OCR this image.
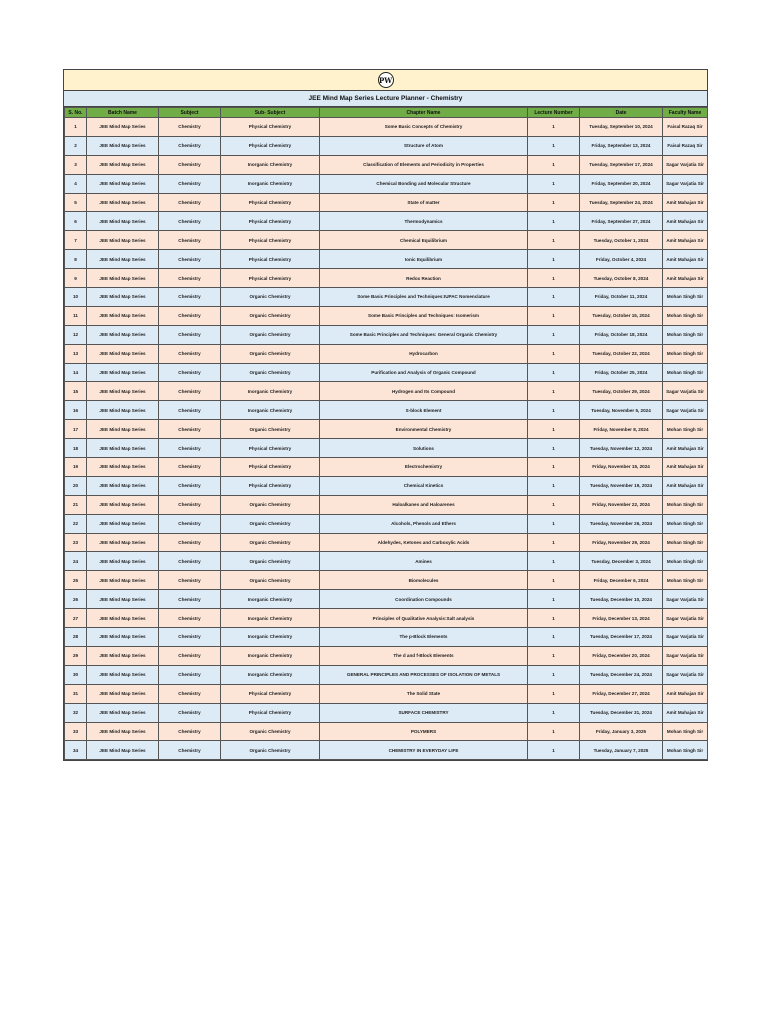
PW
JEE Mind Map Series Lecture Planner - Chemistry
S. No.	Batch Name	Subject	Sub- Subject	Chapter Name	Lecture Number	Date	Faculty Name
1	JEE Mind Map Series	Chemistry	Physical Chemistry	Some Basic Concepts of Chemistry	1	Tuesday, September 10, 2024	Faisal Razaq Sir
2	JEE Mind Map Series	Chemistry	Physical Chemistry	Structure of Atom	1	Friday, September 13, 2024	Faisal Razaq Sir
3	JEE Mind Map Series	Chemistry	Inorganic Chemistry	Classification of Elements and Periodicity in Properties	1	Tuesday, September 17, 2024	Sagar Varjatia Sir
4	JEE Mind Map Series	Chemistry	Inorganic Chemistry	Chemical Bonding and Molecular Structure	1	Friday, September 20, 2024	Sagar Varjatia Sir
5	JEE Mind Map Series	Chemistry	Physical Chemistry	State of matter	1	Tuesday, September 24, 2024	Amit Mahajan Sir
6	JEE Mind Map Series	Chemistry	Physical Chemistry	Thermodynamics	1	Friday, September 27, 2024	Amit Mahajan Sir
7	JEE Mind Map Series	Chemistry	Physical Chemistry	Chemical Equilibrium	1	Tuesday, October 1, 2024	Amit Mahajan Sir
8	JEE Mind Map Series	Chemistry	Physical Chemistry	Ionic Equilibrium	1	Friday, October 4, 2024	Amit Mahajan Sir
9	JEE Mind Map Series	Chemistry	Physical Chemistry	Redox Reaction	1	Tuesday, October 8, 2024	Amit Mahajan Sir
10	JEE Mind Map Series	Chemistry	Organic Chemistry	Some Basic Principles and Techniques:IUPAC Nomenclature	1	Friday, October 11, 2024	Mohan Singh Sir
11	JEE Mind Map Series	Chemistry	Organic Chemistry	Some Basic Principles and Techniques: Isomerism	1	Tuesday, October 15, 2024	Mohan Singh Sir
12	JEE Mind Map Series	Chemistry	Organic Chemistry	Some Basic Principles and Techniques: General Organic Chemistry	1	Friday, October 18, 2024	Mohan Singh Sir
13	JEE Mind Map Series	Chemistry	Organic Chemistry	Hydrocarbon	1	Tuesday, October 22, 2024	Mohan Singh Sir
14	JEE Mind Map Series	Chemistry	Organic Chemistry	Purification and Analysis of Organic Compound	1	Friday, October 25, 2024	Mohan Singh Sir
15	JEE Mind Map Series	Chemistry	Inorganic Chemistry	Hydrogen and Its Compound	1	Tuesday, October 29, 2024	Sagar Varjatia Sir
16	JEE Mind Map Series	Chemistry	Inorganic Chemistry	S-block Element	1	Tuesday, November 5, 2024	Sagar Varjatia Sir
17	JEE Mind Map Series	Chemistry	Organic Chemistry	Environmental Chemistry	1	Friday, November 8, 2024	Mohan Singh Sir
18	JEE Mind Map Series	Chemistry	Physical Chemistry	Solutions	1	Tuesday, November 12, 2024	Amit Mahajan Sir
19	JEE Mind Map Series	Chemistry	Physical Chemistry	Electrochemistry	1	Friday, November 15, 2024	Amit Mahajan Sir
20	JEE Mind Map Series	Chemistry	Physical Chemistry	Chemical Kinetics	1	Tuesday, November 19, 2024	Amit Mahajan Sir
21	JEE Mind Map Series	Chemistry	Organic Chemistry	Haloalkanes and Haloarenes	1	Friday, November 22, 2024	Mohan Singh Sir
22	JEE Mind Map Series	Chemistry	Organic Chemistry	Alcohols, Phenols and Ethers	1	Tuesday, November 26, 2024	Mohan Singh Sir
23	JEE Mind Map Series	Chemistry	Organic Chemistry	Aldehydes, Ketones and Carboxylic Acids	1	Friday, November 29, 2024	Mohan Singh Sir
24	JEE Mind Map Series	Chemistry	Organic Chemistry	Amines	1	Tuesday, December 3, 2024	Mohan Singh Sir
25	JEE Mind Map Series	Chemistry	Organic Chemistry	Biomolecules	1	Friday, December 6, 2024	Mohan Singh Sir
26	JEE Mind Map Series	Chemistry	Inorganic Chemistry	Coordination Compounds	1	Tuesday, December 10, 2024	Sagar Varjatia Sir
27	JEE Mind Map Series	Chemistry	Inorganic Chemistry	Principles of Qualitative Analysis:Salt analysis	1	Friday, December 13, 2024	Sagar Varjatia Sir
28	JEE Mind Map Series	Chemistry	Inorganic Chemistry	The p-Block Elements	1	Tuesday, December 17, 2024	Sagar Varjatia Sir
29	JEE Mind Map Series	Chemistry	Inorganic Chemistry	The d and f-Block Elements	1	Friday, December 20, 2024	Sagar Varjatia Sir
30	JEE Mind Map Series	Chemistry	Inorganic Chemistry	GENERAL PRINCIPLES AND PROCESSES OF ISOLATION OF METALS	1	Tuesday, December 24, 2024	Sagar Varjatia Sir
31	JEE Mind Map Series	Chemistry	Physical Chemistry	The Solid State	1	Friday, December 27, 2024	Amit Mahajan Sir
32	JEE Mind Map Series	Chemistry	Physical Chemistry	SURFACE CHEMISTRY	1	Tuesday, December 31, 2024	Amit Mahajan Sir
33	JEE Mind Map Series	Chemistry	Organic Chemistry	POLYMERS	1	Friday, January 3, 2025	Mohan Singh Sir
34	JEE Mind Map Series	Chemistry	Organic Chemistry	CHEMISTRY IN EVERYDAY LIFE	1	Tuesday, January 7, 2025	Mohan Singh Sir
